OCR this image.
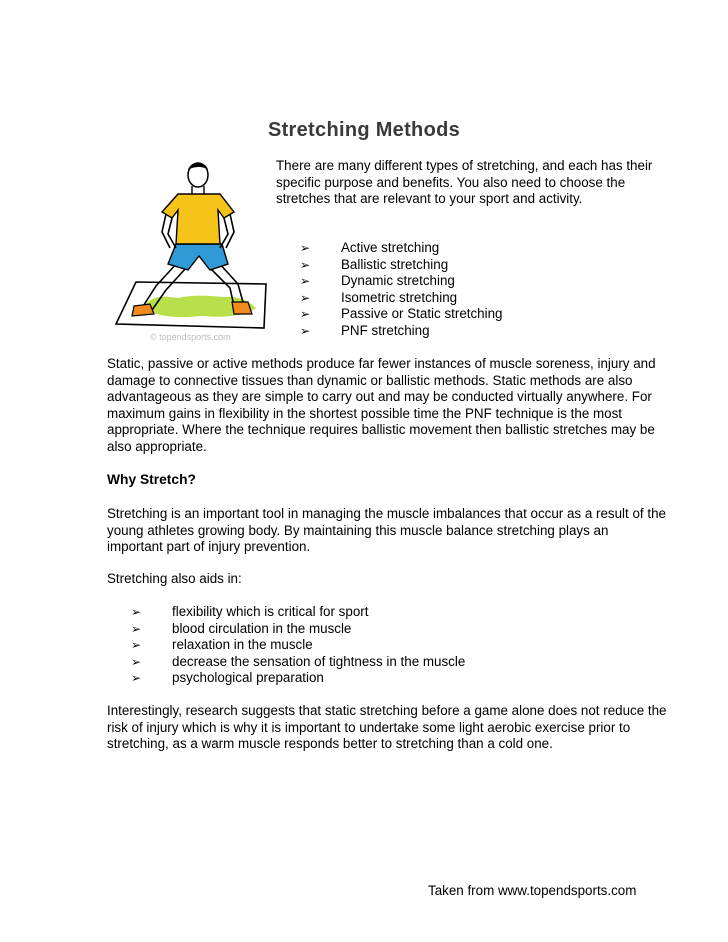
Stretching Methods
© topendsports.com

There are many different types of stretching, and each has their specific purpose and benefits. You also need to choose the stretches that are relevant to your sport and activity.

➢ Active stretching
➢ Ballistic stretching
➢ Dynamic stretching
➢ Isometric stretching
➢ Passive or Static stretching
➢ PNF stretching

Static, passive or active methods produce far fewer instances of muscle soreness, injury and damage to connective tissues than dynamic or ballistic methods. Static methods are also advantageous as they are simple to carry out and may be conducted virtually anywhere. For maximum gains in flexibility in the shortest possible time the PNF technique is the most appropriate. Where the technique requires ballistic movement then ballistic stretches may be also appropriate.

Why Stretch?

Stretching is an important tool in managing the muscle imbalances that occur as a result of the young athletes growing body. By maintaining this muscle balance stretching plays an important part of injury prevention.

Stretching also aids in:

➢ flexibility which is critical for sport
➢ blood circulation in the muscle
➢ relaxation in the muscle
➢ decrease the sensation of tightness in the muscle
➢ psychological preparation

Interestingly, research suggests that static stretching before a game alone does not reduce the risk of injury which is why it is important to undertake some light aerobic exercise prior to stretching, as a warm muscle responds better to stretching than a cold one.

Taken from www.topendsports.com
